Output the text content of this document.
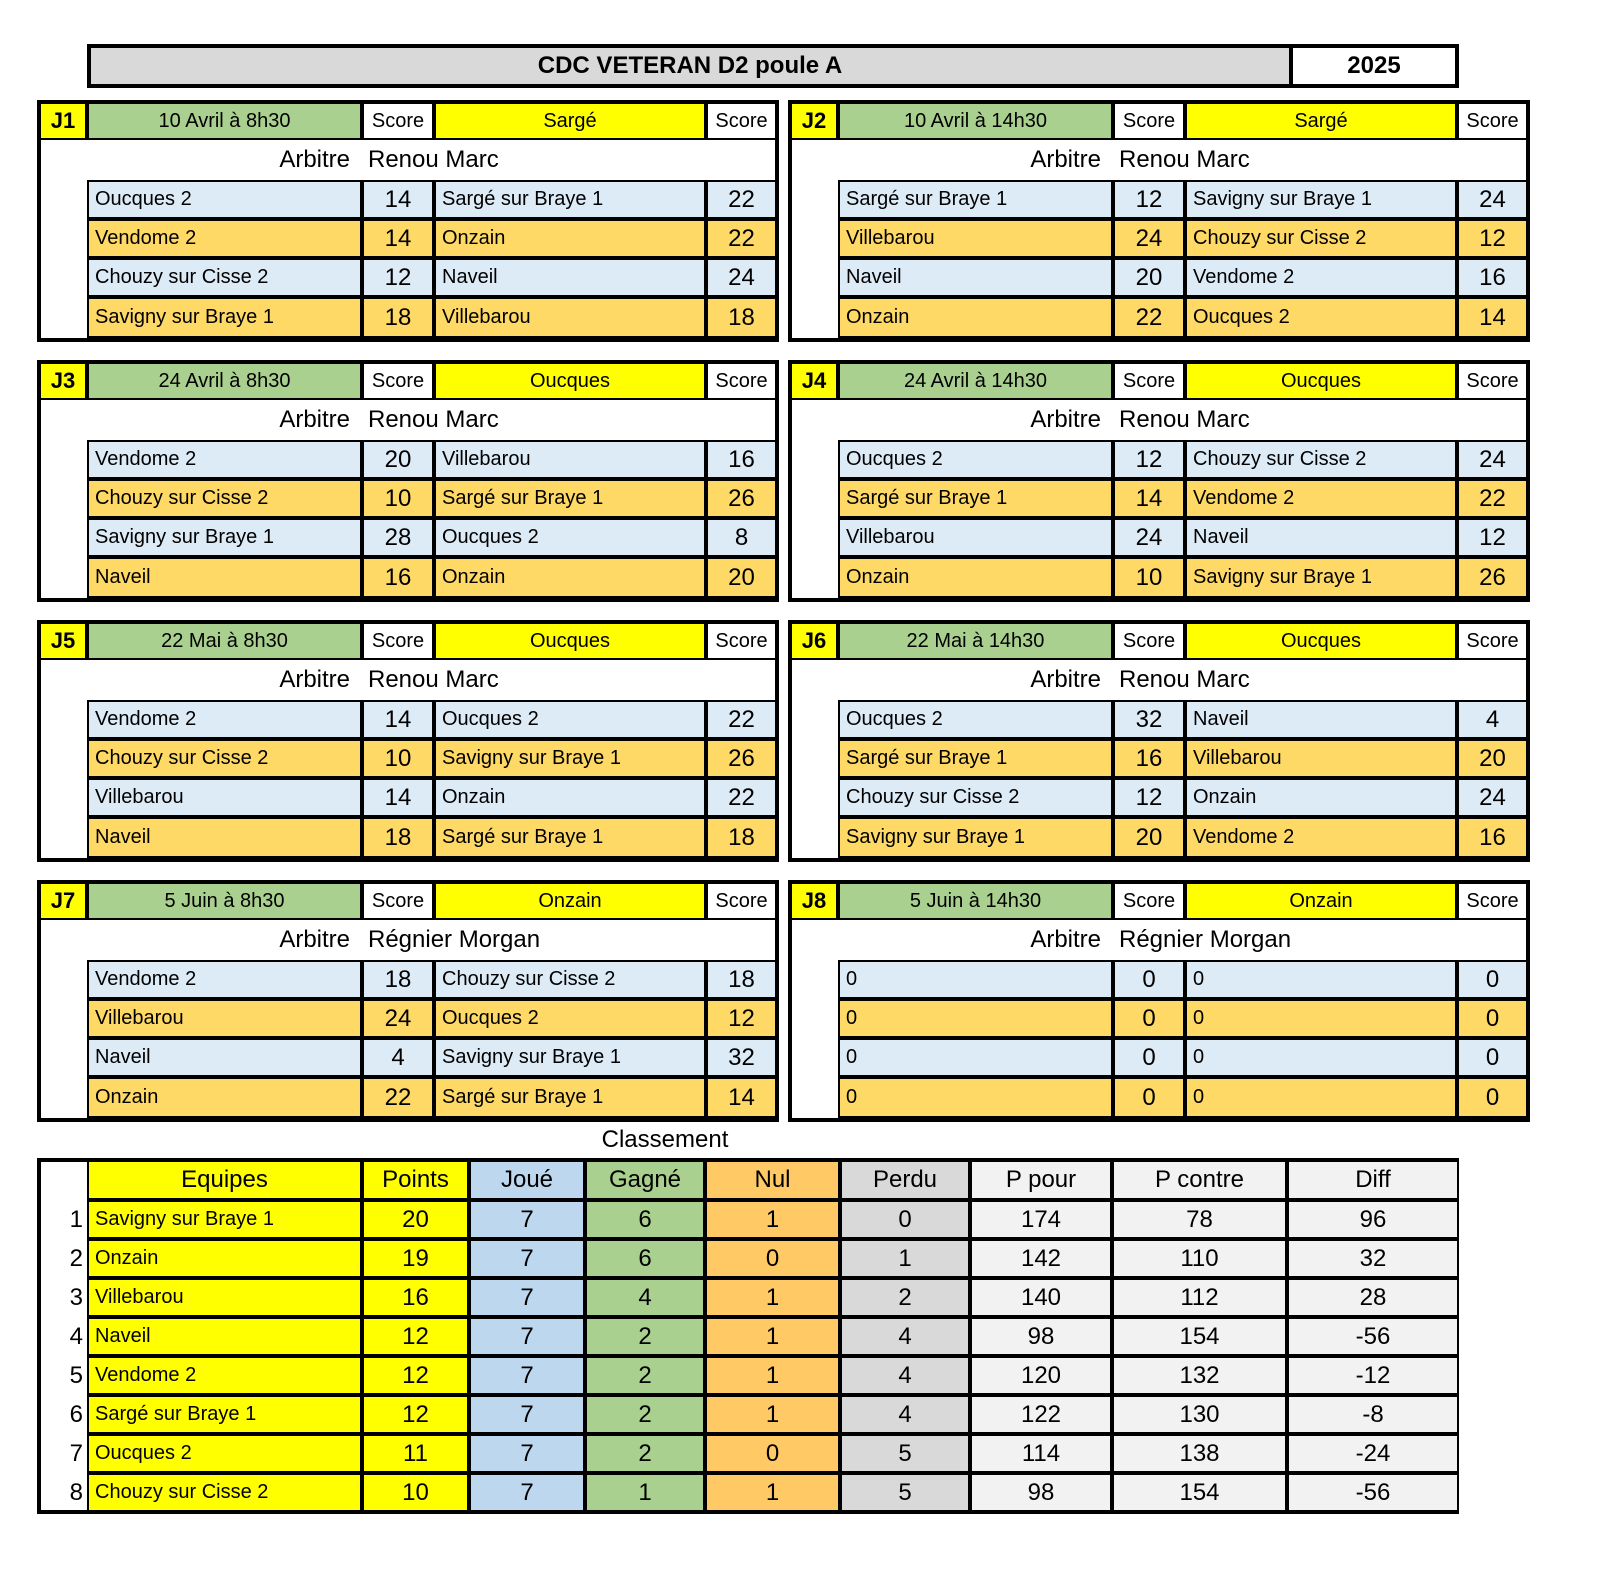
CDC VETERAN D2 poule A	2025
J1	10 Avril à 8h30	Score	Sargé	Score
Arbitre Renou Marc
Oucques 2	14	Sargé sur Braye 1	22
Vendome 2	14	Onzain	22
Chouzy sur Cisse 2	12	Naveil	24
Savigny sur Braye 1	18	Villebarou	18
J2	10 Avril à 14h30	Score	Sargé	Score
Arbitre Renou Marc
Sargé sur Braye 1	12	Savigny sur Braye 1	24
Villebarou	24	Chouzy sur Cisse 2	12
Naveil	20	Vendome 2	16
Onzain	22	Oucques 2	14
J3	24 Avril à 8h30	Score	Oucques	Score
Arbitre Renou Marc
Vendome 2	20	Villebarou	16
Chouzy sur Cisse 2	10	Sargé sur Braye 1	26
Savigny sur Braye 1	28	Oucques 2	8
Naveil	16	Onzain	20
J4	24 Avril à 14h30	Score	Oucques	Score
Arbitre Renou Marc
Oucques 2	12	Chouzy sur Cisse 2	24
Sargé sur Braye 1	14	Vendome 2	22
Villebarou	24	Naveil	12
Onzain	10	Savigny sur Braye 1	26
J5	22 Mai à 8h30	Score	Oucques	Score
Arbitre Renou Marc
Vendome 2	14	Oucques 2	22
Chouzy sur Cisse 2	10	Savigny sur Braye 1	26
Villebarou	14	Onzain	22
Naveil	18	Sargé sur Braye 1	18
J6	22 Mai à 14h30	Score	Oucques	Score
Arbitre Renou Marc
Oucques 2	32	Naveil	4
Sargé sur Braye 1	16	Villebarou	20
Chouzy sur Cisse 2	12	Onzain	24
Savigny sur Braye 1	20	Vendome 2	16
J7	5 Juin à 8h30	Score	Onzain	Score
Arbitre Régnier Morgan
Vendome 2	18	Chouzy sur Cisse 2	18
Villebarou	24	Oucques 2	12
Naveil	4	Savigny sur Braye 1	32
Onzain	22	Sargé sur Braye 1	14
J8	5 Juin à 14h30	Score	Onzain	Score
Arbitre Régnier Morgan
0	0	0	0
0	0	0	0
0	0	0	0
0	0	0	0
Classement
Equipes	Points	Joué	Gagné	Nul	Perdu	P pour	P contre	Diff
1 Savigny sur Braye 1	20	7	6	1	0	174	78	96
2 Onzain	19	7	6	0	1	142	110	32
3 Villebarou	16	7	4	1	2	140	112	28
4 Naveil	12	7	2	1	4	98	154	-56
5 Vendome 2	12	7	2	1	4	120	132	-12
6 Sargé sur Braye 1	12	7	2	1	4	122	130	-8
7 Oucques 2	11	7	2	0	5	114	138	-24
8 Chouzy sur Cisse 2	10	7	1	1	5	98	154	-56
